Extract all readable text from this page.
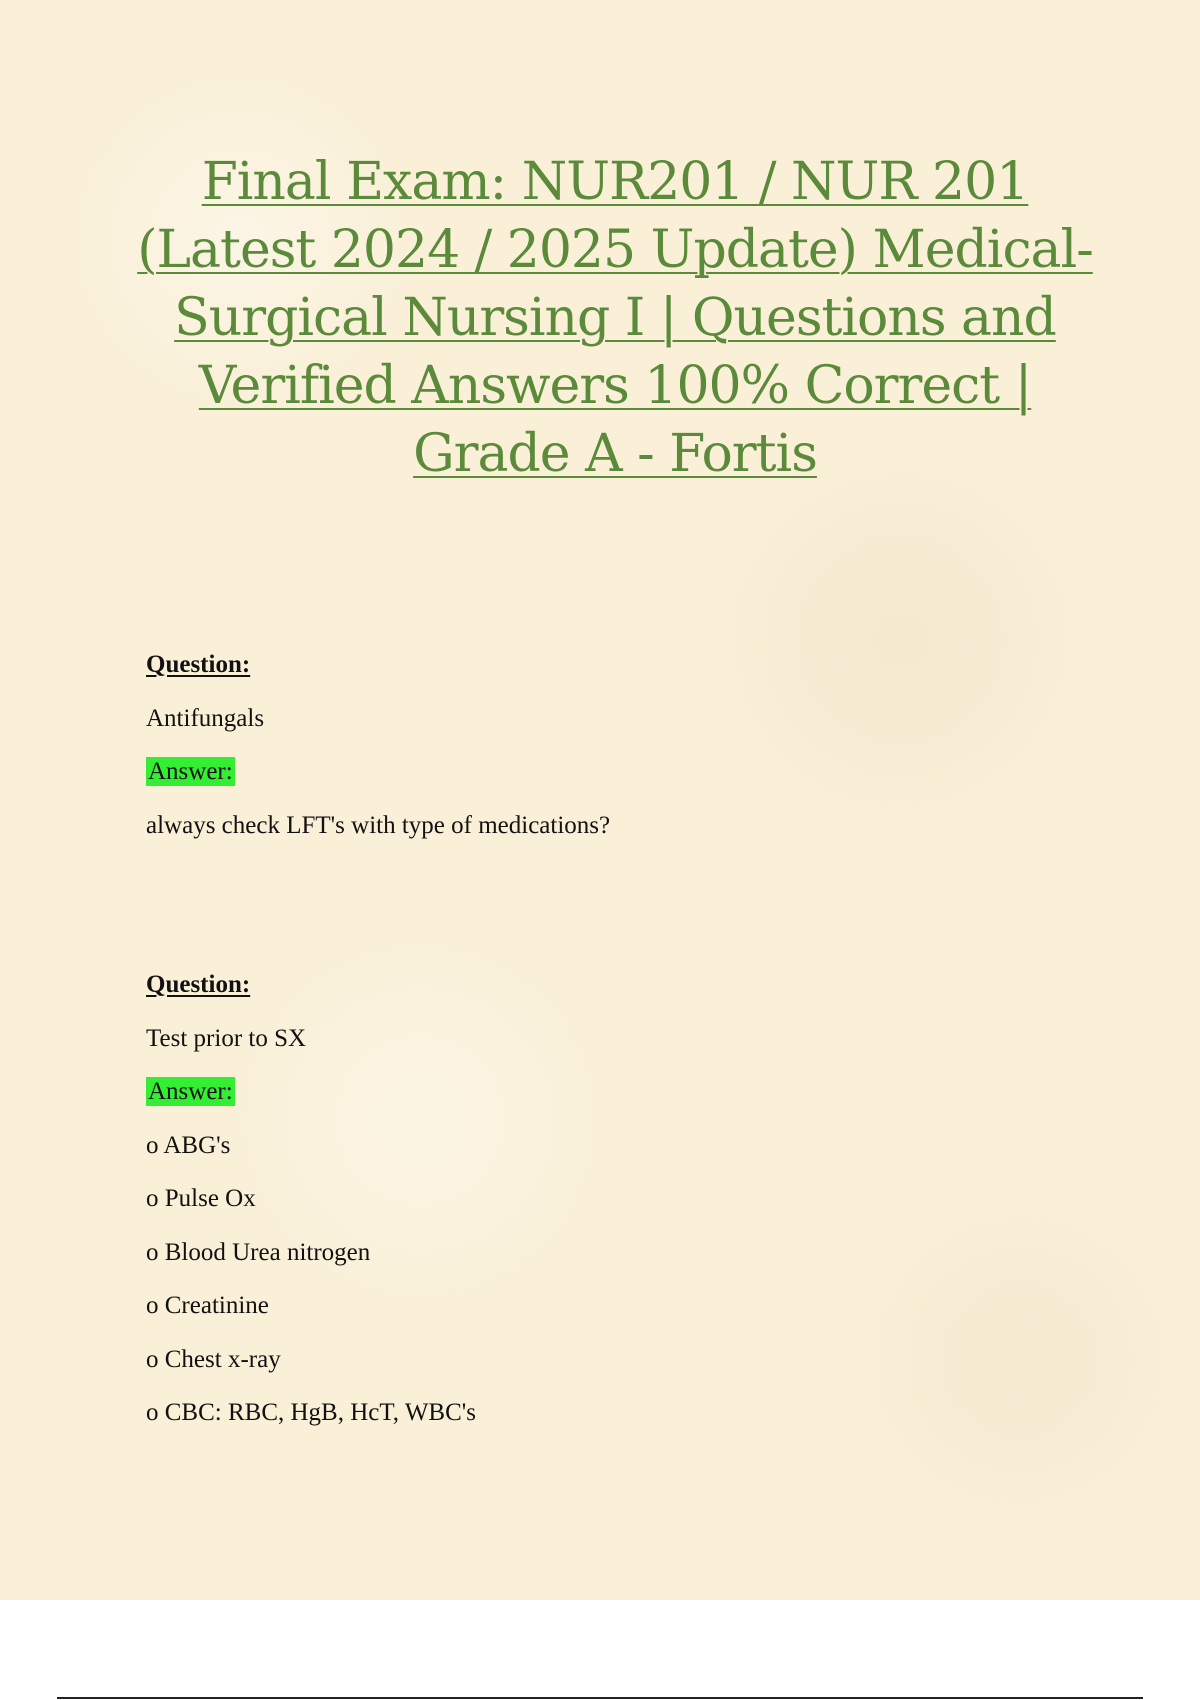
Final Exam: NUR201 / NUR 201 (Latest 2024 / 2025 Update) Medical-Surgical Nursing I | Questions and Verified Answers 100% Correct | Grade A - Fortis
Question:
Antifungals
Answer:
always check LFT's with type of medications?
Question:
Test prior to SX
Answer:
o ABG's
o Pulse Ox
o Blood Urea nitrogen
o Creatinine
o Chest x-ray
o CBC: RBC, HgB, HcT, WBC's
